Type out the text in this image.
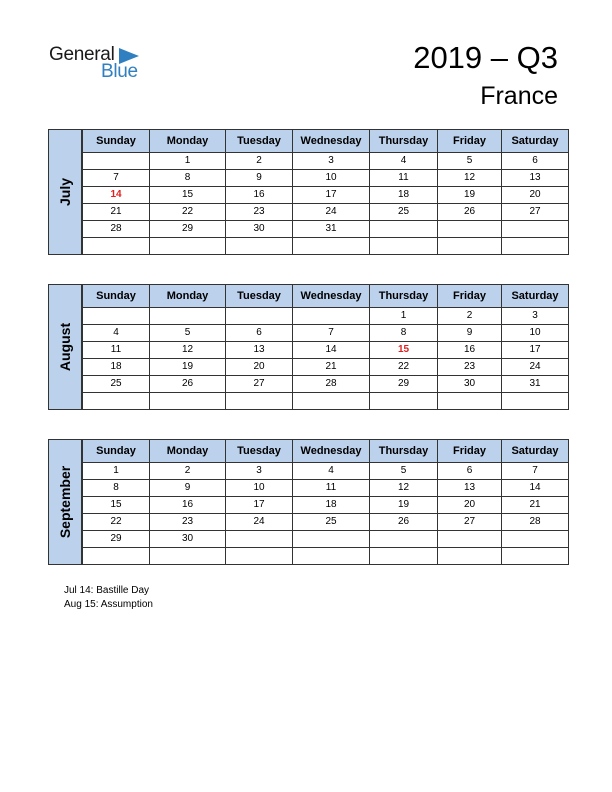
General
Blue	2019 – Q3
France
July
Sunday	Monday	Tuesday	Wednesday	Thursday	Friday	Saturday
	1	2	3	4	5	6
7	8	9	10	11	12	13
14	15	16	17	18	19	20
21	22	23	24	25	26	27
28	29	30	31			

August
Sunday	Monday	Tuesday	Wednesday	Thursday	Friday	Saturday
				1	2	3
4	5	6	7	8	9	10
11	12	13	14	15	16	17
18	19	20	21	22	23	24
25	26	27	28	29	30	31

September
Sunday	Monday	Tuesday	Wednesday	Thursday	Friday	Saturday
1	2	3	4	5	6	7
8	9	10	11	12	13	14
15	16	17	18	19	20	21
22	23	24	25	26	27	28
29	30					

Jul 14: Bastille Day
Aug 15: Assumption
